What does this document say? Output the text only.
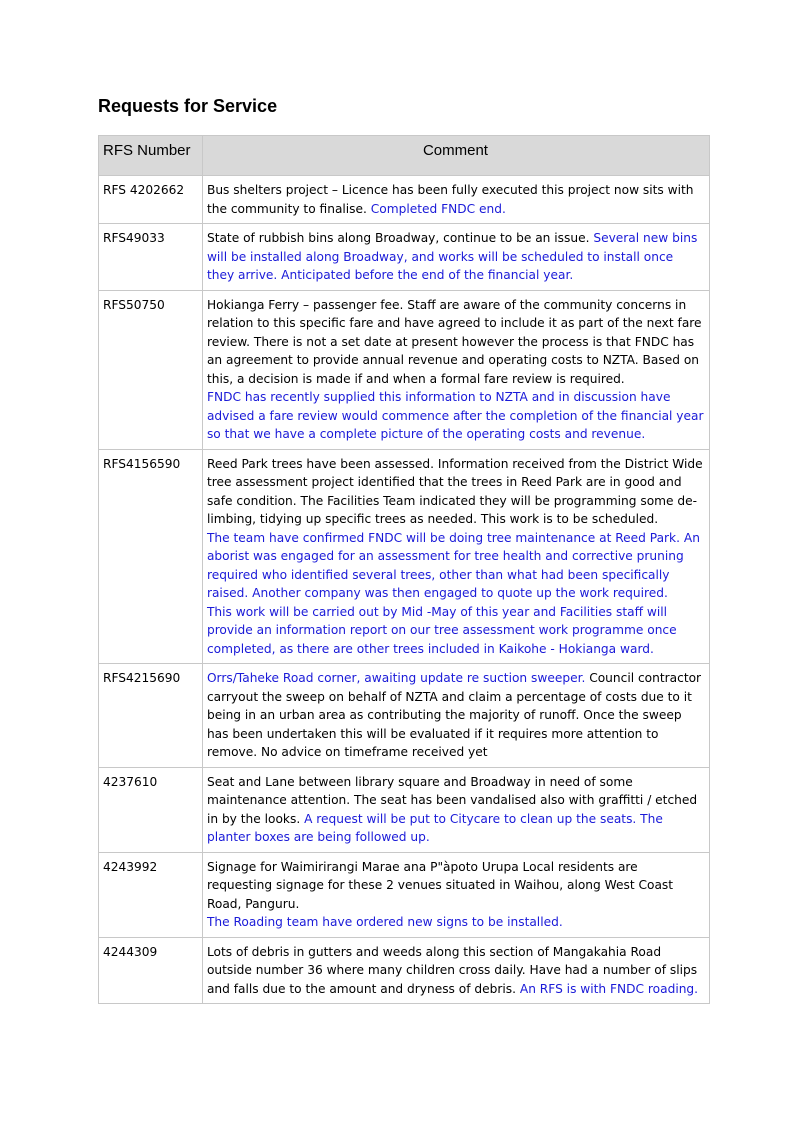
Requests for Service
RFS Number	Comment
RFS 4202662	Bus shelters project – Licence has been fully executed this project now sits with the community to finalise. Completed FNDC end.
RFS49033	State of rubbish bins along Broadway, continue to be an issue. Several new bins will be installed along Broadway, and works will be scheduled to install once they arrive. Anticipated before the end of the financial year.
RFS50750	Hokianga Ferry – passenger fee. Staff are aware of the community concerns in relation to this specific fare and have agreed to include it as part of the next fare review. There is not a set date at present however the process is that FNDC has an agreement to provide annual revenue and operating costs to NZTA. Based on this, a decision is made if and when a formal fare review is required.
FNDC has recently supplied this information to NZTA and in discussion have advised a fare review would commence after the completion of the financial year so that we have a complete picture of the operating costs and revenue.
RFS4156590	Reed Park trees have been assessed. Information received from the District Wide tree assessment project identified that the trees in Reed Park are in good and safe condition. The Facilities Team indicated they will be programming some de-limbing, tidying up specific trees as needed. This work is to be scheduled.
The team have confirmed FNDC will be doing tree maintenance at Reed Park. An aborist was engaged for an assessment for tree health and corrective pruning required who identified several trees, other than what had been specifically raised. Another company was then engaged to quote up the work required.
This work will be carried out by Mid -May of this year and Facilities staff will provide an information report on our tree assessment work programme once completed, as there are other trees included in Kaikohe - Hokianga ward.
RFS4215690	Orrs/Taheke Road corner, awaiting update re suction sweeper. Council contractor carryout the sweep on behalf of NZTA and claim a percentage of costs due to it being in an urban area as contributing the majority of runoff. Once the sweep has been undertaken this will be evaluated if it requires more attention to remove. No advice on timeframe received yet
4237610	Seat and Lane between library square and Broadway in need of some maintenance attention. The seat has been vandalised also with graffitti / etched in by the looks. A request will be put to Citycare to clean up the seats. The planter boxes are being followed up.
4243992	Signage for Waimirirangi Marae ana P"àpoto Urupa Local residents are requesting signage for these 2 venues situated in Waihou, along West Coast Road, Panguru.
The Roading team have ordered new signs to be installed.
4244309	Lots of debris in gutters and weeds along this section of Mangakahia Road outside number 36 where many children cross daily. Have had a number of slips and falls due to the amount and dryness of debris. An RFS is with FNDC roading.
